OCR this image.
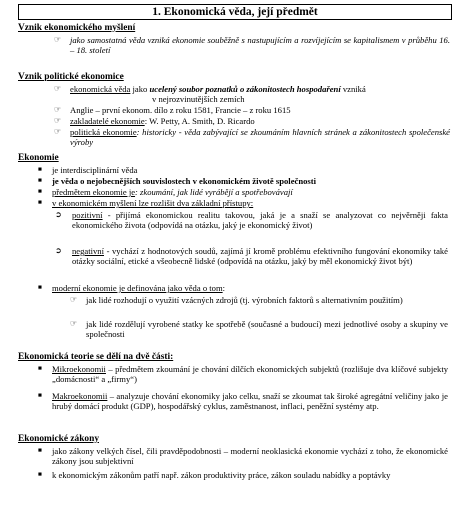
1. Ekonomická věda, její předmět
Vznik ekonomického myšlení
☞ jako samostatná věda vzniká ekonomie souběžně s nastupujícím a rozvíjejícím se kapitalismem v průběhu 16. – 18. století
Vznik politické ekonomice
☞ ekonomická věda jako ucelený soubor poznatků o zákonitostech hospodaření vzniká
v nejrozvinutějších zemích
☞ Anglie – první ekonom. dílo z roku 1581, Francie – z roku 1615
☞ zakladatelé ekonomie: W. Petty, A. Smith, D. Ricardo
☞ politická ekonomie: historicky - věda zabývající se zkoumáním hlavních stránek a zákonitostech společenské výroby
Ekonomie
■ je interdisciplinární věda
■ je věda o nejobecnějších souvislostech v ekonomickém životě společnosti
■ předmětem ekonomie je: zkoumání, jak lidé vyrábějí a spotřebovávají
■ v ekonomickém myšlení lze rozlišit dva základní přístupy:
➲ pozitivní - přijímá ekonomickou realitu takovou, jaká je a snaží se analyzovat co nejvěrněji fakta ekonomického života (odpovídá na otázku, jaký je ekonomický život)
➲ negativní - vychází z hodnotových soudů, zajímá jí kromě problému efektivního fungování ekonomiky také otázky sociální, etické a všeobecně lidské (odpovídá na otázku, jaký by měl ekonomický život být)
■ moderní ekonomie je definována jako věda o tom:
☞ jak lidé rozhodují o využití vzácných zdrojů (tj. výrobních faktorů s alternativním použitím)
☞ jak lidé rozdělují vyrobené statky ke spotřebě (současné a budoucí) mezi jednotlivé osoby a skupiny ve společnosti
Ekonomická teorie se dělí na dvě části:
■ Mikroekonomii – předmětem zkoumání je chování dílčích ekonomických subjektů (rozlišuje dva klíčové subjekty „domácnosti“ a „firmy“)
■ Makroekonomii – analyzuje chování ekonomiky jako celku, snaží se zkoumat tak široké agregátní veličiny jako je hrubý domácí produkt (GDP), hospodářský cyklus, zaměstnanost, inflaci, peněžní systémy atp.
Ekonomické zákony
■ jako zákony velkých čísel, čili pravděpodobnosti – moderní neoklasická ekonomie vychází z toho, že ekonomické zákony jsou subjektivní
■ k ekonomickým zákonům patří např. zákon produktivity práce, zákon souladu nabídky a poptávky
